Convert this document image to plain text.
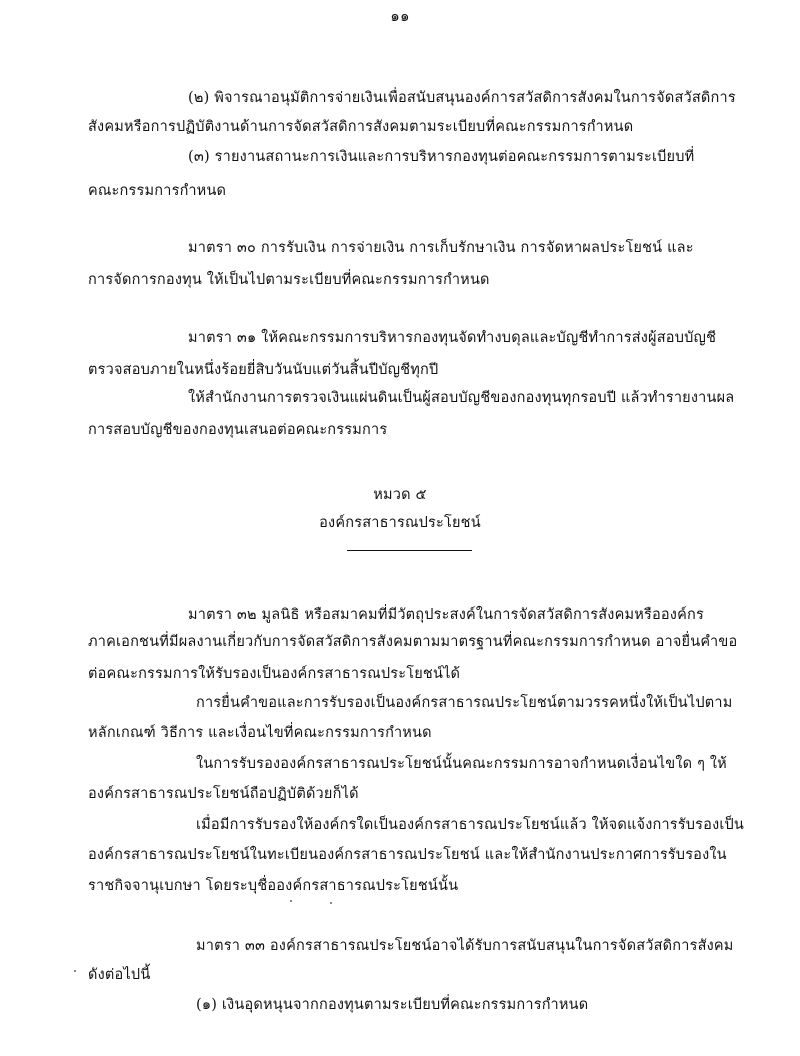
๑๑
(๒) พิจารณาอนุมัติการจ่ายเงินเพื่อสนับสนุนองค์การสวัสดิการสังคมในการจัดสวัสดิการ
สังคมหรือการปฏิบัติงานด้านการจัดสวัสดิการสังคมตามระเบียบที่คณะกรรมการกำหนด
(๓) รายงานสถานะการเงินและการบริหารกองทุนต่อคณะกรรมการตามระเบียบที่
คณะกรรมการกำหนด
มาตรา ๓๐ การรับเงิน การจ่ายเงิน การเก็บรักษาเงิน การจัดหาผลประโยชน์ และ
การจัดการกองทุน ให้เป็นไปตามระเบียบที่คณะกรรมการกำหนด
มาตรา ๓๑ ให้คณะกรรมการบริหารกองทุนจัดทำงบดุลและบัญชีทำการส่งผู้สอบบัญชี
ตรวจสอบภายในหนึ่งร้อยยี่สิบวันนับแต่วันสิ้นปีบัญชีทุกปี
ให้สำนักงานการตรวจเงินแผ่นดินเป็นผู้สอบบัญชีของกองทุนทุกรอบปี แล้วทำรายงานผล
การสอบบัญชีของกองทุนเสนอต่อคณะกรรมการ
หมวด ๕
องค์กรสาธารณประโยชน์
มาตรา ๓๒ มูลนิธิ หรือสมาคมที่มีวัตถุประสงค์ในการจัดสวัสดิการสังคมหรือองค์กร
ภาคเอกชนที่มีผลงานเกี่ยวกับการจัดสวัสดิการสังคมตามมาตรฐานที่คณะกรรมการกำหนด อาจยื่นคำขอ
ต่อคณะกรรมการให้รับรองเป็นองค์กรสาธารณประโยชน์ได้
การยื่นคำขอและการรับรองเป็นองค์กรสาธารณประโยชน์ตามวรรคหนึ่งให้เป็นไปตาม
หลักเกณฑ์ วิธีการ และเงื่อนไขที่คณะกรรมการกำหนด
ในการรับรององค์กรสาธารณประโยชน์นั้นคณะกรรมการอาจกำหนดเงื่อนไขใด ๆ ให้
องค์กรสาธารณประโยชน์ถือปฏิบัติด้วยก็ได้
เมื่อมีการรับรองให้องค์กรใดเป็นองค์กรสาธารณประโยชน์แล้ว ให้จดแจ้งการรับรองเป็น
องค์กรสาธารณประโยชน์ในทะเบียนองค์กรสาธารณประโยชน์ และให้สำนักงานประกาศการรับรองใน
ราชกิจจานุเบกษา โดยระบุชื่อองค์กรสาธารณประโยชน์นั้น
มาตรา ๓๓ องค์กรสาธารณประโยชน์อาจได้รับการสนับสนุนในการจัดสวัสดิการสังคม
ดังต่อไปนี้
(๑) เงินอุดหนุนจากกองทุนตามระเบียบที่คณะกรรมการกำหนด
